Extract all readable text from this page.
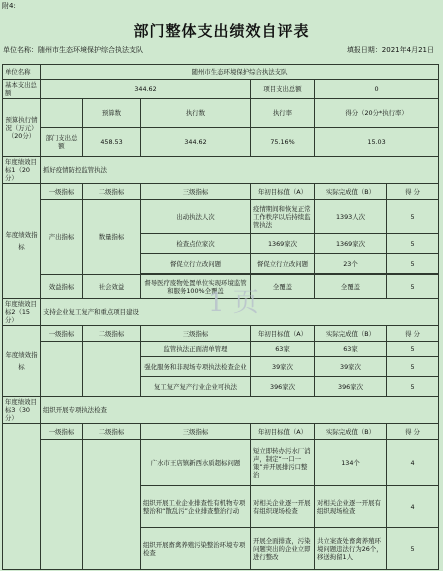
附4:
部门整体支出绩效自评表
单位名称：随州市生态环境保护综合执法支队	填报日期：2021年4月21日
单位名称	随州市生态环境保护综合执法支队					
基本支出总额	344.62			项目支出总额	0	
预算执行情况（万元）（20分）		预算数	执行数	执行率	得分（20分*执行率）	
	部门支出总额	458.53	344.62	75.16%	15.03	
年度绩效目标1（20分）	抓好疫情防控监管执法					
年度绩效指标	一级指标	二级指标	三级指标	年初目标值（A）	实际完成值（B）	得 分
	产出指标	数量指标	出动执法人次	疫情期间和恢复正常工作秩序以后持续监管执法	1393人次	5
			检查点位家次	1369家次	1369家次	5
			督促立行立改问题	督促立行立改问题	23个	5

	效益指标	社会效益	督导医疗废物处置单位实现环境监管和服务100%全覆盖	全覆盖	全覆盖	5
年度绩效目标2（15分）	支持企业复工复产和重点项目建设					
年度绩效指标	一级指标	二级指标	三级指标	年初目标值（A）	实际完成值（B）	得 分
			监管执法正面清单管理	63家	63家	5
			强化服务和非现场专项执法检查企业	39家次	39家次	5
			复工复产复产行业企业可执法	396家次	396家次	5
年度绩效目标3（30分）	组织开展专项执法检查					
	一级指标	二级指标	三级指标	年初目标值（A）	实际完成值（B）	得 分
			广水市王店镇新西水质超标问题	短立即转办污水厂消声，制定“一口一策”并开展排污口整治	134个	4
			组织开展工业企业排查性有机物专项整治和“散乱污”企业排查整治行动	对相关企业逐一开展有组织现场检查	对相关企业逐一开展有组织现场检查	4
			组织开展畜禽养殖污染整治环境专项检查	开展全面排查，污染问题突出的企业立即进行整改	共立案查处畜禽养殖环境问题违法行为26个，移送拘留1人	5
1 页
